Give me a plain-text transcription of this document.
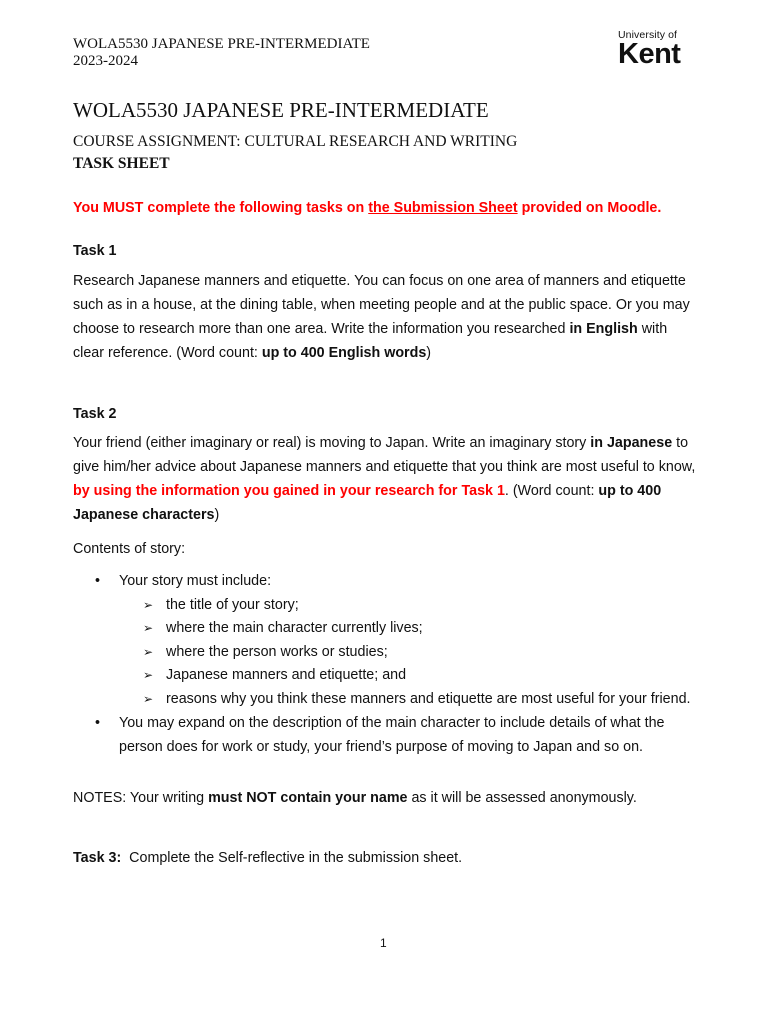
WOLA5530 JAPANESE PRE-INTERMEDIATE
2023-2024
University of
Kent
WOLA5530 JAPANESE PRE-INTERMEDIATE
COURSE ASSIGNMENT: CULTURAL RESEARCH AND WRITING
TASK SHEET
You MUST complete the following tasks on the Submission Sheet provided on Moodle.
Task 1
Research Japanese manners and etiquette. You can focus on one area of manners and etiquette such as in a house, at the dining table, when meeting people and at the public space. Or you may choose to research more than one area. Write the information you researched in English with clear reference. (Word count: up to 400 English words)
Task 2
Your friend (either imaginary or real) is moving to Japan. Write an imaginary story in Japanese to give him/her advice about Japanese manners and etiquette that you think are most useful to know, by using the information you gained in your research for Task 1. (Word count: up to 400 Japanese characters)
Contents of story:
• Your story must include:
➢ the title of your story;
➢ where the main character currently lives;
➢ where the person works or studies;
➢ Japanese manners and etiquette; and
➢ reasons why you think these manners and etiquette are most useful for your friend.
• You may expand on the description of the main character to include details of what the person does for work or study, your friend’s purpose of moving to Japan and so on.
NOTES: Your writing must NOT contain your name as it will be assessed anonymously.
Task 3:  Complete the Self-reflective in the submission sheet.
1
